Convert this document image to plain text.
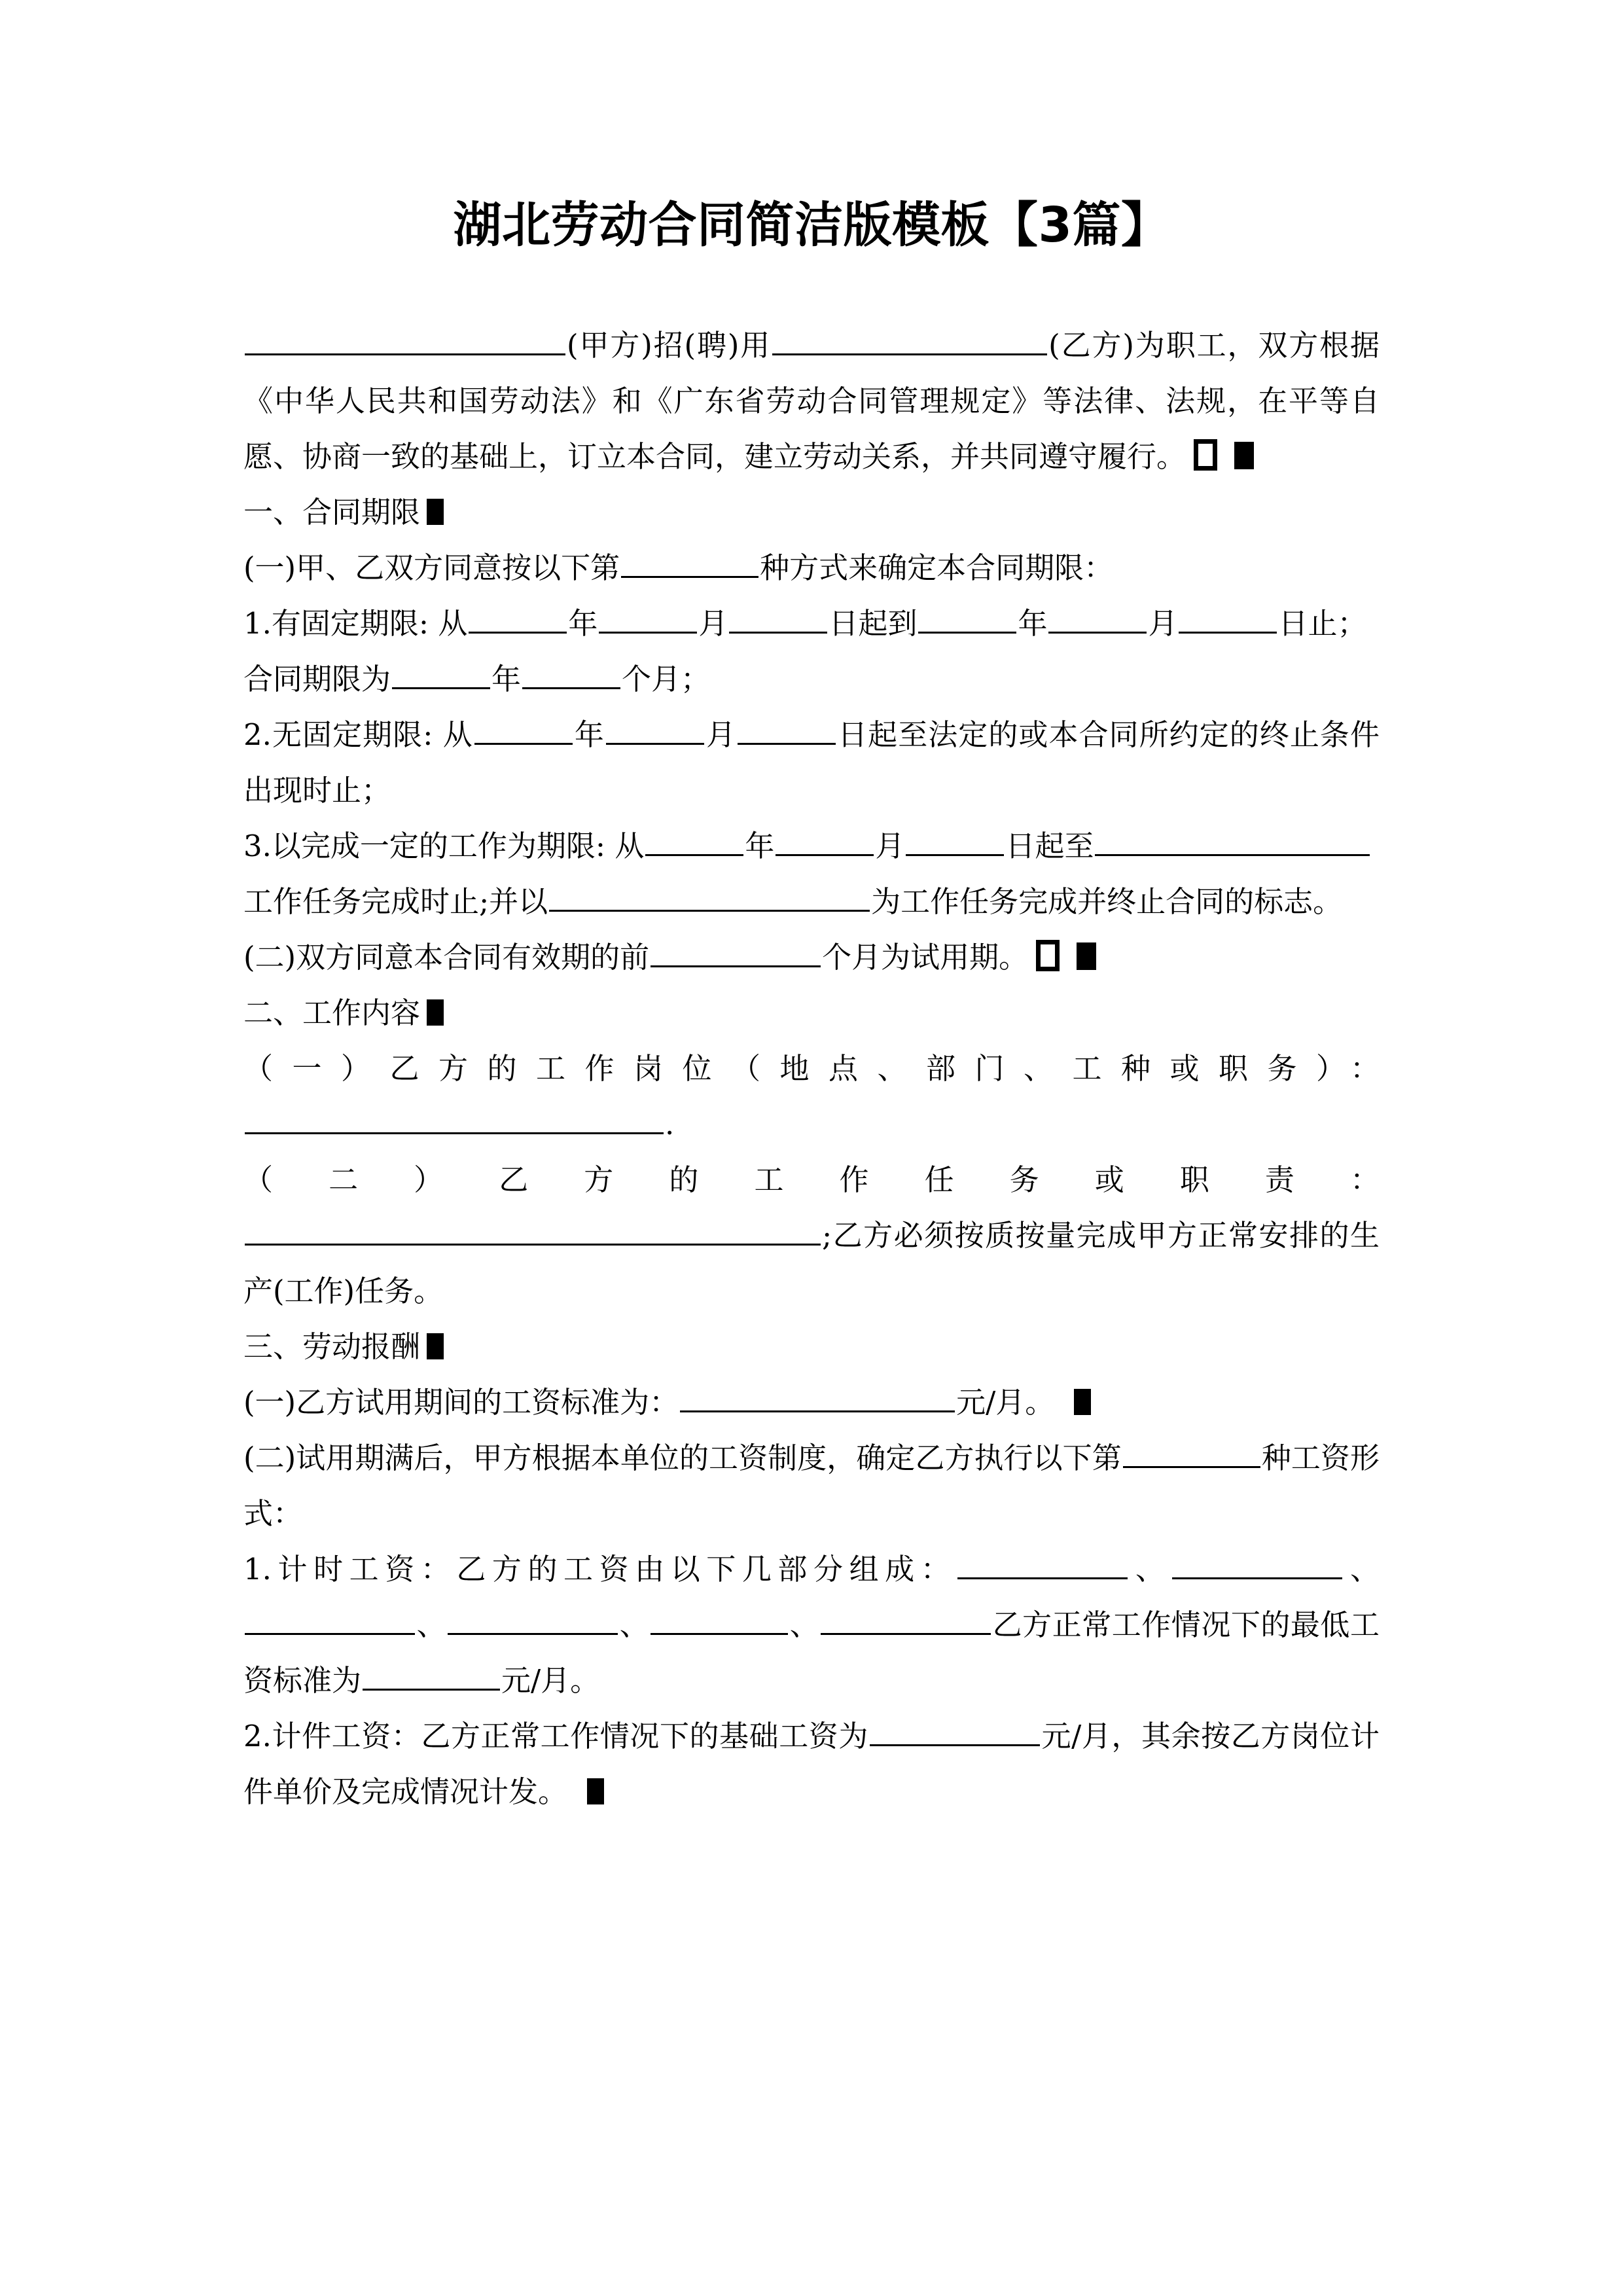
湖北劳动合同简洁版模板【3篇】

(甲方)招(聘)用	(乙方)为职工，双方根据《中华人民共和国劳动法》和《广东省劳动合同管理规定》等法律、法规，在平等自愿、协商一致的基础上，订立本合同，建立劳动关系，并共同遵守履行。

一、合同期限

(一)甲、乙双方同意按以下第	种方式来确定本合同期限：

1.有固定期限: 从	年	月	日起到	年	月	日止；

合同期限为	年	个月；

2.无固定期限: 从	年	月	日起至法定的或本合同所约定的终止条件出现时止；

3.以完成一定的工作为期限: 从	年	月	日起至

工作任务完成时止;并以	为工作任务完成并终止合同的标志。

(二)双方同意本合同有效期的前	个月为试用期。

二、工作内容

（一）乙方的工作岗位（地点、部门、工种或职务）：

.

（二）乙方的工作任务或职责：

;乙方必须按质按量完成甲方正常安排的生产(工作)任务。

三、劳动报酬

(一)乙方试用期间的工资标准为：	元/月。

(二)试用期满后，甲方根据本单位的工资制度，确定乙方执行以下第	种工资形式：

1.计时工资：乙方的工资由以下几部分组成：	、	、、	、	、	乙方正常工作情况下的最低工资标准为	元/月。

2.计件工资：乙方正常工作情况下的基础工资为	元/月，其余按乙方岗位计件单价及完成情况计发。
